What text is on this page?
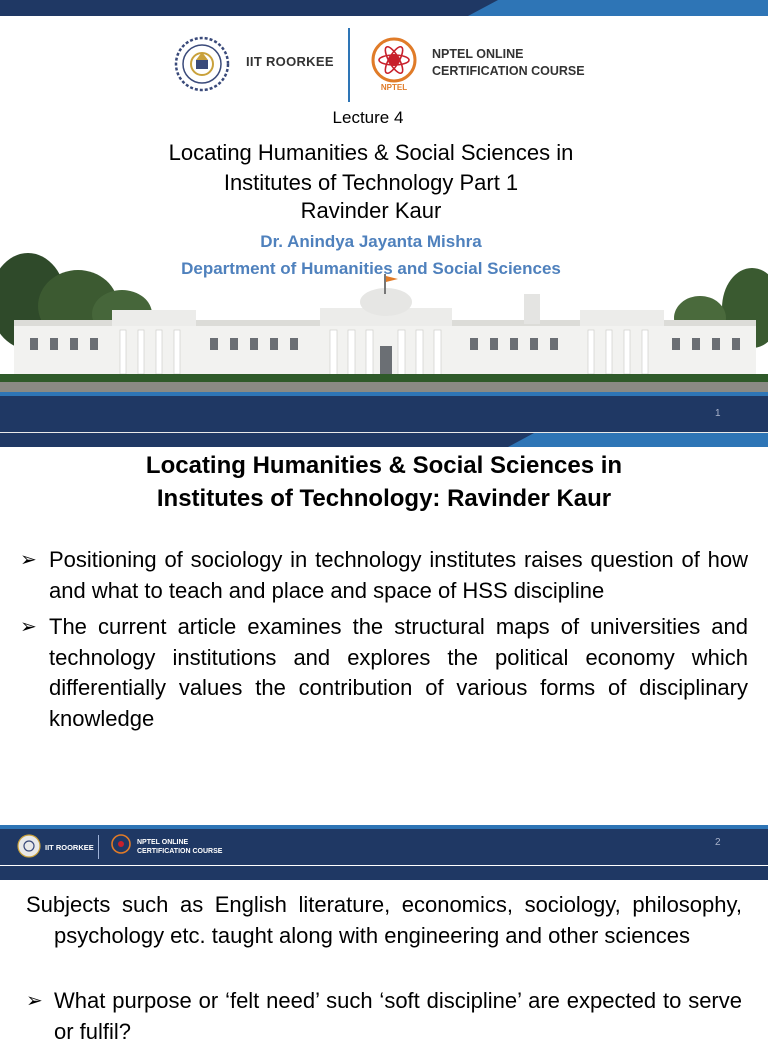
IIT ROORKEE
NPTEL
NPTEL ONLINE
CERTIFICATION COURSE
Lecture 4
Locating Humanities & Social Sciences in
Institutes of Technology Part 1
Ravinder Kaur
Dr. Anindya Jayanta Mishra
Department of Humanities and Social Sciences
1
Locating Humanities & Social Sciences in
Institutes of Technology: Ravinder Kaur
➢ Positioning of sociology in technology institutes raises question of how and what to teach and place and space of HSS discipline
➢ The current article examines the structural maps of universities and technology institutions and explores the political economy which differentially values the contribution of various forms of disciplinary knowledge
IIT ROORKEE
NPTEL ONLINE
CERTIFICATION COURSE
2
Subjects such as English literature, economics, sociology, philosophy, psychology etc. taught along with engineering and other sciences
➢ What purpose or ‘felt need’ such ‘soft discipline’ are expected to serve or fulfil?
